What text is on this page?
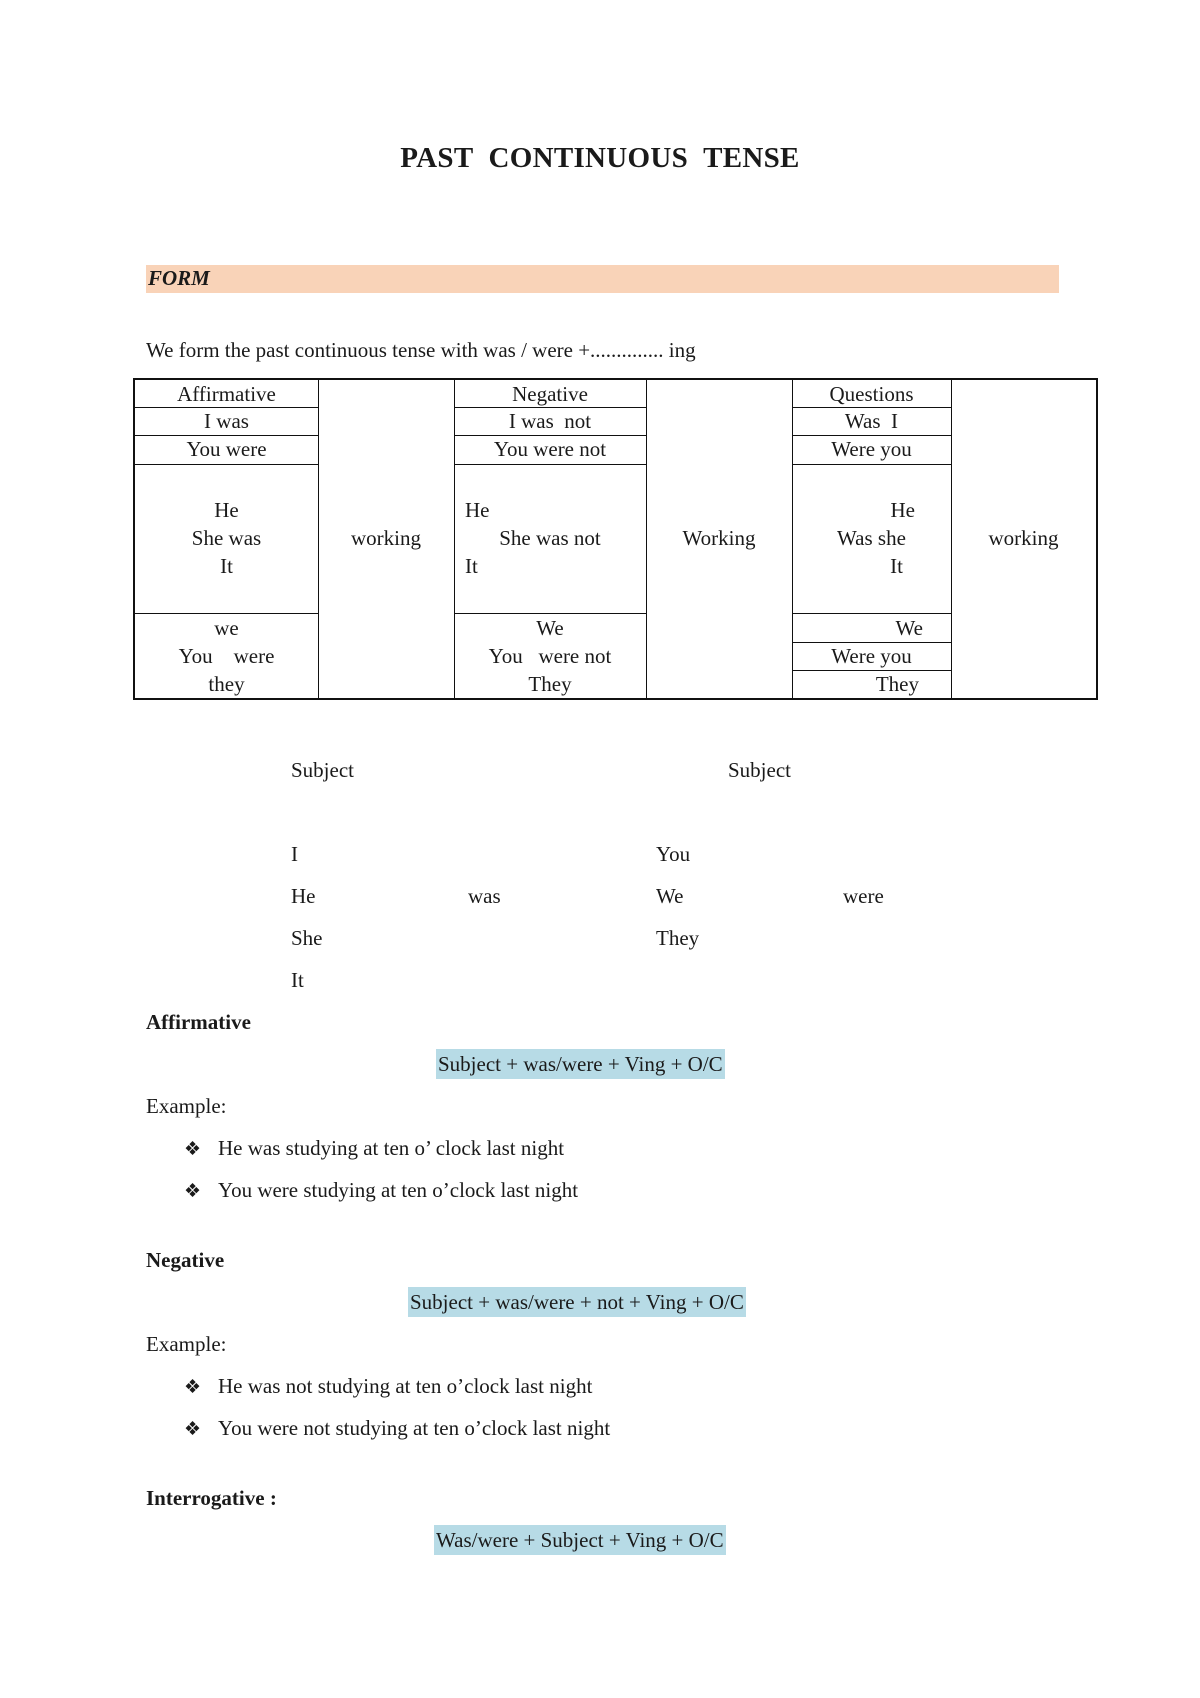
PAST CONTINUOUS TENSE
FORM
We form the past continuous tense with was / were +.............. ing
Affirmative
I was
You were
He
She was
It
we
You    were
they
working
Negative
I was  not
You were not
He
She was not
It
We
You   were not
They
Working
Questions
Was  I
Were you
He
Was she
It
We
Were you
They
working
Subject	Subject
I
He
She
It
was
You
We
They
were
Affirmative
Subject + was/were + Ving + O/C
Example:
❖ He was studying at ten o’ clock last night
❖ You were studying at ten o’clock last night
Negative
Subject + was/were + not + Ving + O/C
Example:
❖ He was not studying at ten o’clock last night
❖ You were not studying at ten o’clock last night
Interrogative :
Was/were + Subject + Ving + O/C
